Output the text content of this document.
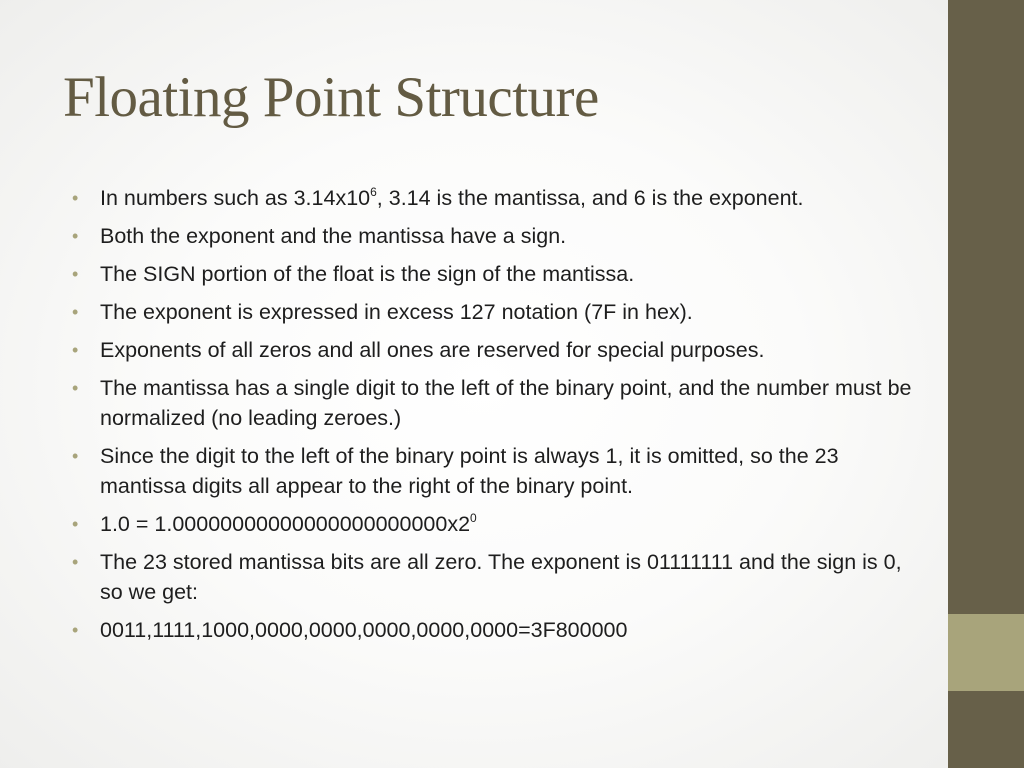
Floating Point Structure
• In numbers such as $3.14x10^6$, 3.14 is the mantissa, and 6 is the exponent.
• Both the exponent and the mantissa have a sign.
• The SIGN portion of the float is the sign of the mantissa.
• The exponent is expressed in excess 127 notation (7F in hex).
• Exponents of all zeros and all ones are reserved for special purposes.
• The mantissa has a single digit to the left of the binary point, and the number must be normalized (no leading zeroes.)
• Since the digit to the left of the binary point is always 1, it is omitted, so the 23 mantissa digits all appear to the right of the binary point.
• $1.0 = 1.00000000000000000000000x2^0$
• The 23 stored mantissa bits are all zero. The exponent is 01111111 and the sign is 0, so we get:
• 0011,1111,1000,0000,0000,0000,0000,0000=3F800000
